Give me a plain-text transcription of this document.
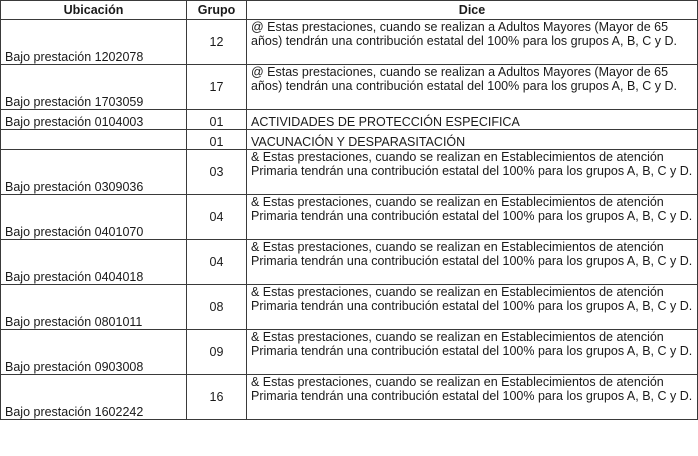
Ubicación	Grupo	Dice
Bajo prestación 1202078	12	@ Estas prestaciones, cuando se realizan a Adultos Mayores (Mayor de 65 años) tendrán una contribución estatal del 100% para los grupos A, B, C y D.
Bajo prestación 1703059	17	@ Estas prestaciones, cuando se realizan a Adultos Mayores (Mayor de 65 años) tendrán una contribución estatal del 100% para los grupos A, B, C y D.
Bajo prestación 0104003	01	ACTIVIDADES DE PROTECCIÓN ESPECIFICA
	01	VACUNACIÓN Y DESPARASITACIÓN
Bajo prestación 0309036	03	& Estas prestaciones, cuando se realizan en Establecimientos de atención Primaria tendrán una contribución estatal del 100% para los grupos A, B, C y D.
Bajo prestación 0401070	04	& Estas prestaciones, cuando se realizan en Establecimientos de atención Primaria tendrán una contribución estatal del 100% para los grupos A, B, C y D.
Bajo prestación 0404018	04	& Estas prestaciones, cuando se realizan en Establecimientos de atención Primaria tendrán una contribución estatal del 100% para los grupos A, B, C y D.
Bajo prestación 0801011	08	& Estas prestaciones, cuando se realizan en Establecimientos de atención Primaria tendrán una contribución estatal del 100% para los grupos A, B, C y D.
Bajo prestación 0903008	09	& Estas prestaciones, cuando se realizan en Establecimientos de atención Primaria tendrán una contribución estatal del 100% para los grupos A, B, C y D.
Bajo prestación 1602242	16	& Estas prestaciones, cuando se realizan en Establecimientos de atención Primaria tendrán una contribución estatal del 100% para los grupos A, B, C y D.
